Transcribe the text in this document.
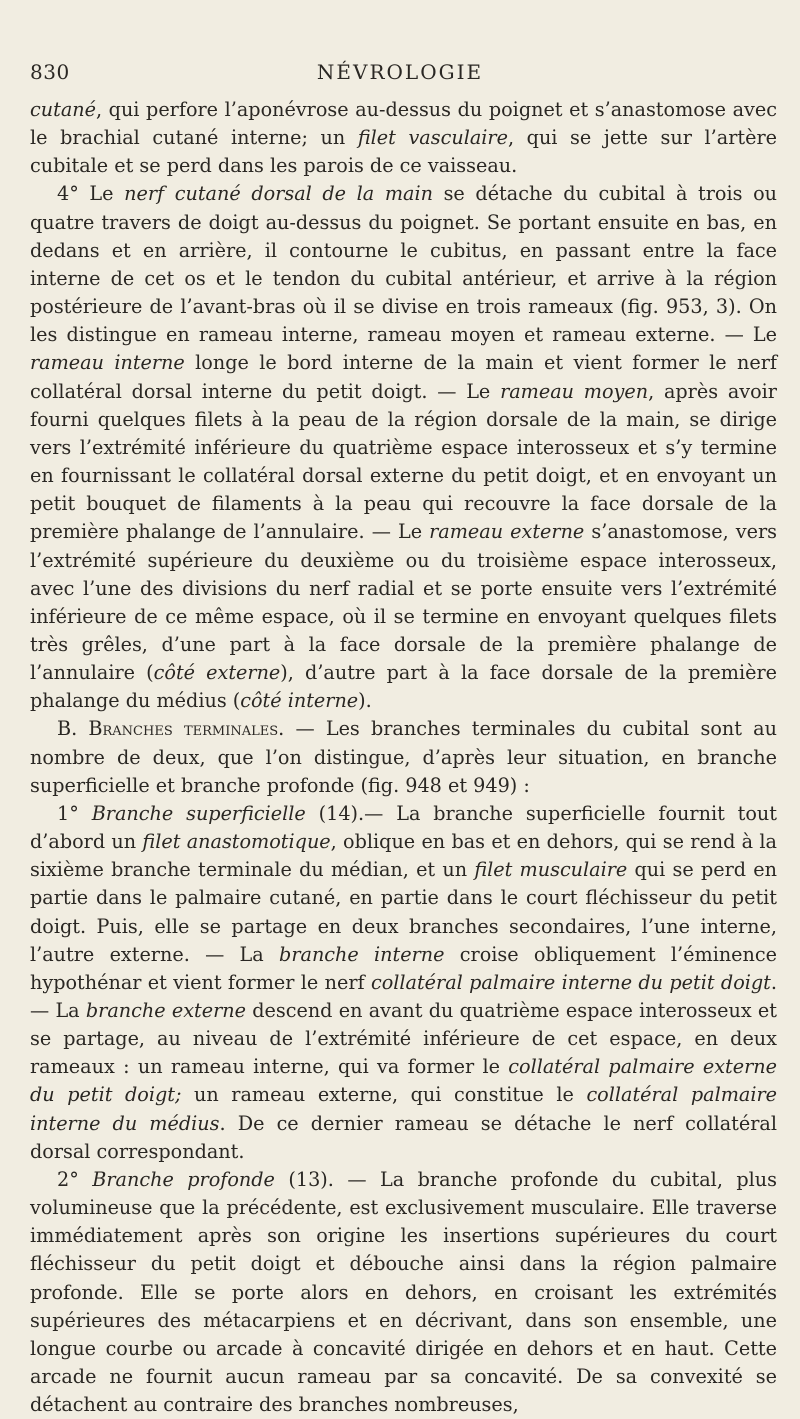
830	NÉVROLOGIE

cutané, qui perfore l’aponévrose au-dessus du poignet et s’anastomose avec le brachial cutané interne; un filet vasculaire, qui se jette sur l’artère cubitale et se perd dans les parois de ce vaisseau.

4° Le nerf cutané dorsal de la main se détache du cubital à trois ou quatre travers de doigt au-dessus du poignet. Se portant ensuite en bas, en dedans et en arrière, il contourne le cubitus, en passant entre la face interne de cet os et le tendon du cubital antérieur, et arrive à la région postérieure de l’avant-bras où il se divise en trois rameaux (fig. 953, 3). On les distingue en rameau interne, rameau moyen et rameau externe. — Le rameau interne longe le bord interne de la main et vient former le nerf collatéral dorsal interne du petit doigt. — Le rameau moyen, après avoir fourni quelques filets à la peau de la région dorsale de la main, se dirige vers l’extrémité inférieure du quatrième espace interosseux et s’y termine en fournissant le collatéral dorsal externe du petit doigt, et en envoyant un petit bouquet de filaments à la peau qui recouvre la face dorsale de la première phalange de l’annulaire. — Le rameau externe s’anastomose, vers l’extrémité supérieure du deuxième ou du troisième espace interosseux, avec l’une des divisions du nerf radial et se porte ensuite vers l’extrémité inférieure de ce même espace, où il se termine en envoyant quelques filets très grêles, d’une part à la face dorsale de la première phalange de l’annulaire (côté externe), d’autre part à la face dorsale de la première phalange du médius (côté interne).

B. Branches terminales. — Les branches terminales du cubital sont au nombre de deux, que l’on distingue, d’après leur situation, en branche superficielle et branche profonde (fig. 948 et 949) :

1° Branche superficielle (14).— La branche superficielle fournit tout d’abord un filet anastomotique, oblique en bas et en dehors, qui se rend à la sixième branche terminale du médian, et un filet musculaire qui se perd en partie dans le palmaire cutané, en partie dans le court fléchisseur du petit doigt. Puis, elle se partage en deux branches secondaires, l’une interne, l’autre externe. — La branche interne croise obliquement l’éminence hypothénar et vient former le nerf collatéral palmaire interne du petit doigt. — La branche externe descend en avant du quatrième espace interosseux et se partage, au niveau de l’extrémité inférieure de cet espace, en deux rameaux : un rameau interne, qui va former le collatéral palmaire externe du petit doigt; un rameau externe, qui constitue le collatéral palmaire interne du médius. De ce dernier rameau se détache le nerf collatéral dorsal correspondant.

2° Branche profonde (13). — La branche profonde du cubital, plus volumineuse que la précédente, est exclusivement musculaire. Elle traverse immédiatement après son origine les insertions supérieures du court fléchisseur du petit doigt et débouche ainsi dans la région palmaire profonde. Elle se porte alors en dehors, en croisant les extrémités supérieures des métacarpiens et en décrivant, dans son ensemble, une longue courbe ou arcade à concavité dirigée en dehors et en haut. Cette arcade ne fournit aucun rameau par sa concavité. De sa convexité se détachent au contraire des branches nombreuses,
